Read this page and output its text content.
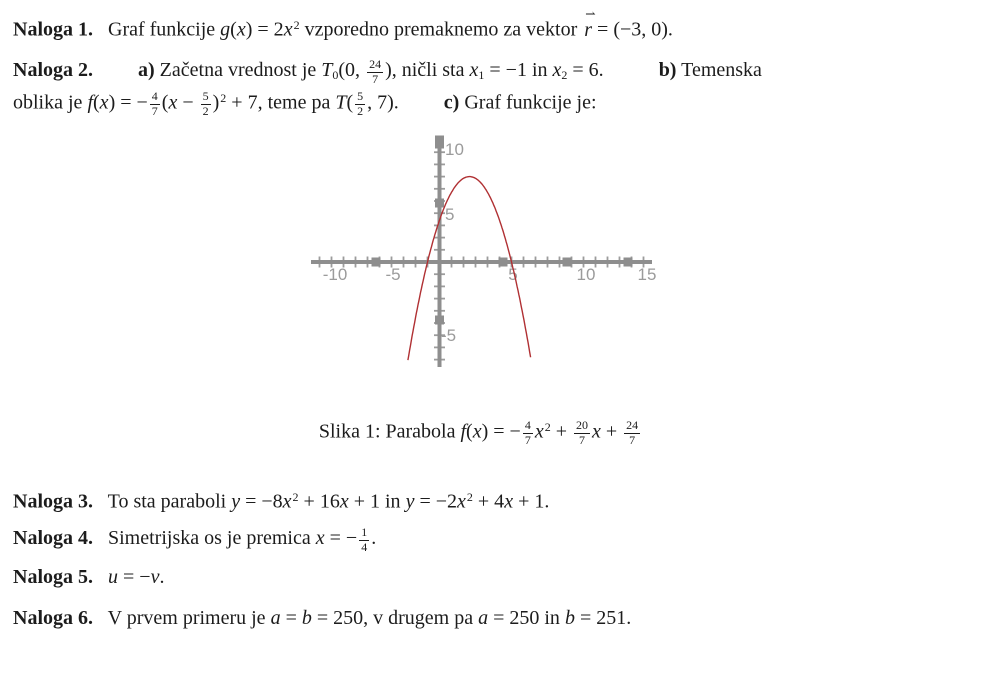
Naloga 1.   Graf funkcije $g(x) = 2x^2$ vzporedno premaknemo za vektor
⇀
r = (−3, 0).
Naloga 2. a) Začetna vrednost je T0(0, $\frac{24}{7}$ ), ničli sta x1 = −1 in x2 = 6.	b) Temenska
oblika je f(x) = − $\frac{4}{7} (x - \frac{5}{2} )^2 + 7$, teme pa $T( \frac{5}{2}$ , 7). c) Graf funkcije je:
-10 -5	5	10 15
10
5
-5
Slika 1: Parabola f(x) = − $\frac{4}{7} x^2 + \frac{20}{7}$ $x + \frac{24}{7}$
Naloga 3.   To sta paraboli $y = -8x^2 + 16x + 1$ in $y = -2x^2 + 4x + 1$.
Naloga 4.   Simetrijska os je premica x = − $\frac{1}{4}$ .
Naloga 5. u = −v.
Naloga 6.   V prvem primeru je a = b = 250, v drugem pa a = 250 in b = 251.
